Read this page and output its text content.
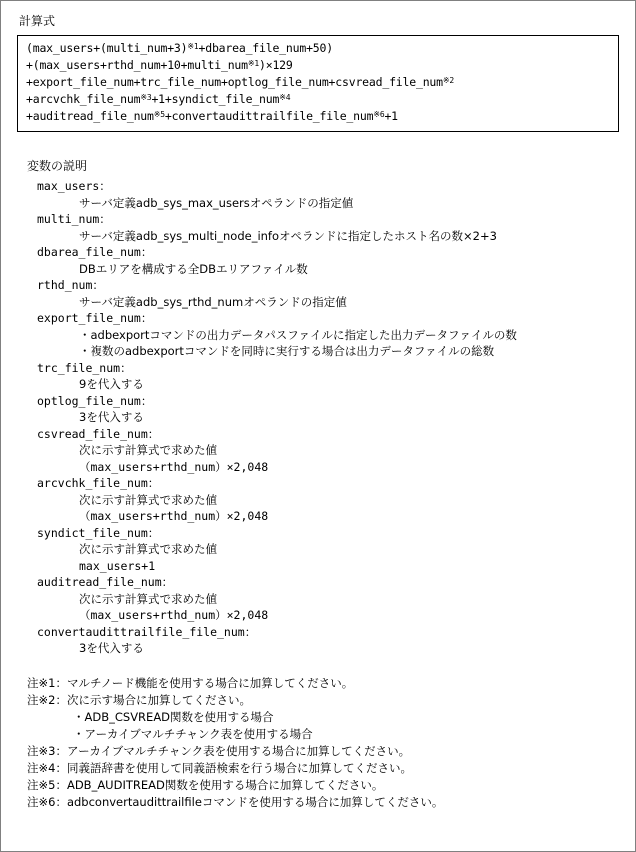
計算式
(max_users+(multi_num+3)$^{※1}$+dbarea_file_num+50)
+(max_users+rthd_num+10+multi_num$^{※1}$)×129
+export_file_num+trc_file_num+optlog_file_num+csvread_file_num$^{※2}$
+arcvchk_file_num$^{※3}$+1+syndict_file_num$^{※4}$
+auditread_file_num$^{※5}$+convertaudittrailfile_file_num$^{※6}$+1
変数の説明
max_users：
サーバ定義adb_sys_max_usersオペランドの指定値
multi_num：
サーバ定義adb_sys_multi_node_infoオペランドに指定したホスト名の数×2+3
dbarea_file_num：
DBエリアを構成する全DBエリアファイル数
rthd_num：
サーバ定義adb_sys_rthd_numオペランドの指定値
export_file_num：
・adbexportコマンドの出力データパスファイルに指定した出力データファイルの数
・複数のadbexportコマンドを同時に実行する場合は出力データファイルの総数
trc_file_num：
9を代入する
optlog_file_num：
3を代入する
csvread_file_num：
次に示す計算式で求めた値
（max_users+rthd_num）×2,048
arcvchk_file_num：
次に示す計算式で求めた値
（max_users+rthd_num）×2,048
syndict_file_num：
次に示す計算式で求めた値
max_users+1
auditread_file_num：
次に示す計算式で求めた値
（max_users+rthd_num）×2,048
convertaudittrailfile_file_num：
3を代入する
注※1：マルチノード機能を使用する場合に加算してください。
注※2：次に示す場合に加算してください。
・ADB_CSVREAD関数を使用する場合
・アーカイブマルチチャンク表を使用する場合
注※3：アーカイブマルチチャンク表を使用する場合に加算してください。
注※4：同義語辞書を使用して同義語検索を行う場合に加算してください。
注※5：ADB_AUDITREAD関数を使用する場合に加算してください。
注※6：adbconvertaudittrailfileコマンドを使用する場合に加算してください。
